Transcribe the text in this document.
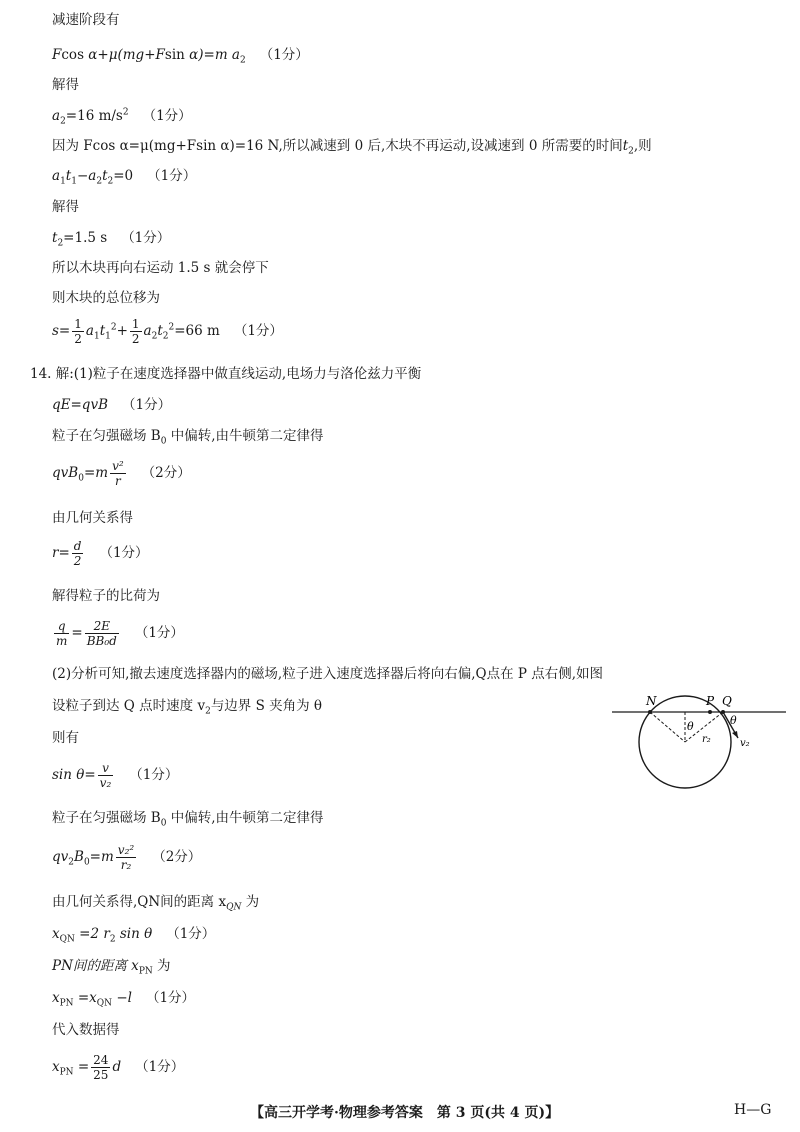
减速阶段有
Fcos α+μ(mg+Fsin α)=m $a_2$ （1分）
解得
$a_2=16$ $m/s^2$ （1分）
因为 Fcos α=μ(mg+Fsin α)=16 N,所以减速到 0 后,木块不再运动,设减速到 0 所需要的时间$t_2$,则
$a_1t_1-a_2t_2=0$ （1分）
解得
$t_2=1.5$ s （1分）
所以木块再向右运动 1.5 s 就会停下
则木块的总位移为
$s= \frac{1}{2} a_1t_1^2+ \frac{1}{2} a_2t_2^2=66$ m （1分）
14. 解:(1)粒子在速度选择器中做直线运动,电场力与洛伦兹力平衡
qE=qvB （1分）
粒子在匀强磁场 $B_0$ 中偏转,由牛顿第二定律得
$qvB_0=m \frac{\text{v²}}{r} (2$分）
由几何关系得
$r= \frac{d}{2} (1$分）
解得粒子的比荷为
$\frac{q}{m} = \frac{2E}{\text{BB₀d}} (1$分）
(2)分析可知,撤去速度选择器内的磁场,粒子进入速度选择器后将向右偏,Q点在 P 点右侧,如图
设粒子到达 Q 点时速度 $v_2$与边界 S 夹角为 θ
则有
$\sin \theta= \frac{v}{\text{v₂}} (1$分）
粒子在匀强磁场 $B_0$ 中偏转,由牛顿第二定律得
$qv_2B_0=m \frac{\text{v₂²}}{\text{r₂}} (2$分）
由几何关系得,QN间的距离 $x_{QN}$ 为
$x_{QN} =2$ $r_2$ sin θ （1分）
PN间的距离 $x_{PN}$ 为
$x_{PN} =x_{QN} -l$ （1分）
代入数据得
$x_{PN} = \frac{24}{25}$ d （1分）
N	P Q
θ	θ
r₂	v₂
【高三开学考·物理参考答案　第 3 页(共 4 页)】	H—G
